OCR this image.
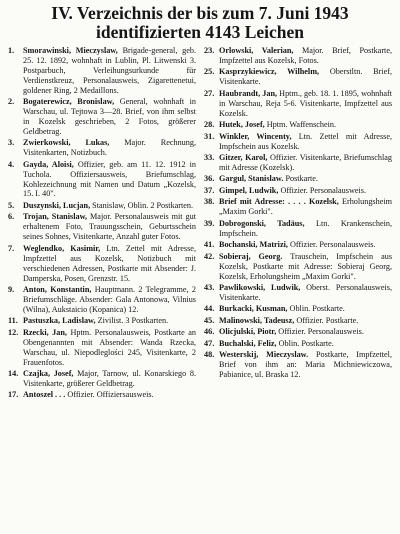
IV. Verzeichnis der bis zum 7. Juni 1943
identifizierten 4143 Leichen
1.	Smorawinski, Mieczyslaw, Brigade-general, geb. 25. 12. 1892, wohnhaft in Lublin, Pl. Litwenski 3. Postparbuch, Verleihungsurkunde für Verdienstkreuz, Personalausweis, Zigarettenetui, goldener Ring, 2 Medaillons.
2.	Bogaterewicz, Bronislaw, General, wohnhaft in Warschau, ul. Tejtowa 3—28. Brief, von ihm selbst in Kozelsk geschrieben, 2 Fotos, größerer Geldbetrag.
3.	Zwierkowski, Lukas, Major. Rechnung, Visitenkarten, Notizbuch.
4.	Gayda, Aloisi, Offizier, geb. am 11. 12. 1912 in Tuchola. Offiziersausweis, Briefumschlag, Kohlezeichnung mit Namen und Datum „Kozelsk, 15. I. 40".
5.	Duszynski, Lucjan, Stanislaw, Oblin. 2 Postkarten.
6.	Trojan, Stanislaw, Major. Personalausweis mit gut erhaltenem Foto, Trauungsschein, Geburtsschein seines Sohnes, Visitenkarte, Anzahl guter Fotos.
7.	Weglendko, Kasimir, Ltn. Zettel mit Adresse, Impfzettel aus Kozelsk, Notizbuch mit verschiedenen Adressen, Postkarte mit Absender: J. Damperska, Posen, Grenzstr. 15.
9.	Anton, Konstantin, Hauptmann. 2 Telegramme, 2 Briefumschläge. Absender: Gala Antonowa, Vilnius (Wilna), Aukstaicio (Kopanica) 12.
11. Pastuszka, Ladislaw, Zivilist. 3 Postkarten.
12. Rzecki, Jan, Hptm. Personalausweis, Postkarte an Obengenannten mit Absender: Wanda Rzecka, Warschau, ul. Niepodleglości 245, Visitenkarte, 2 Frauenfotos.
14. Czajka, Josef, Major, Tarnow, ul. Konarskiego 8. Visitenkarte, größerer Geldbetrag.
17. Antoszel . . . Offizier. Offiziersausweis.
23. Orlowski, Valerian, Major. Brief, Postkarte, Impfzettel aus Kozelsk, Fotos.
25. Kasprzykiewicz, Wilhelm, Oberstltn. Brief, Visitenkarte.
27. Haubrandt, Jan, Hptm., geb. 18. 1. 1895, wohnhaft in Warschau, Reja 5-6. Visitenkarte, Impfzettel aus Kozelsk.
28. Hutek, Josef, Hptm. Waffenschein.
31. Winkler, Wincenty, Ltn. Zettel mit Adresse, Impfschein aus Kozelsk.
33. Gitzer, Karol, Offizier. Visitenkarte, Briefumschlag mit Adresse (Kozelsk).
36. Gargul, Stanislaw. Postkarte.
37. Gimpel, Ludwik, Offizier. Personalausweis.
38. Brief mit Adresse: . . . . Kozelsk, Erholungsheim „Maxim Gorki".
39. Dobrogonski, Tadäus, Ltn. Krankenschein, Impfschein.
41. Bochanski, Matrizi, Offizier. Personalausweis.
42. Sobieraj, Georg. Trauschein, Impfschein aus Kozelsk, Postkarte mit Adresse: Sobieraj Georg, Kozelsk, Erholungsheim „Maxim Gorki".
43. Pawlikowski, Ludwik, Oberst. Personalausweis, Visitenkarte.
44. Burkacki, Kusman, Oblin. Postkarte.
45. Malinowski, Tadeusz, Offizier. Postkarte.
46. Olicjulski, Piotr, Offizier. Personalausweis.
47. Buchalski, Feliz, Oblin. Postkarte.
48. Westerskij, Mieczyslaw. Postkarte, Impfzettel, Brief von ihm an: Maria Michniewiczowa, Pabianice, ul. Braska 12.
